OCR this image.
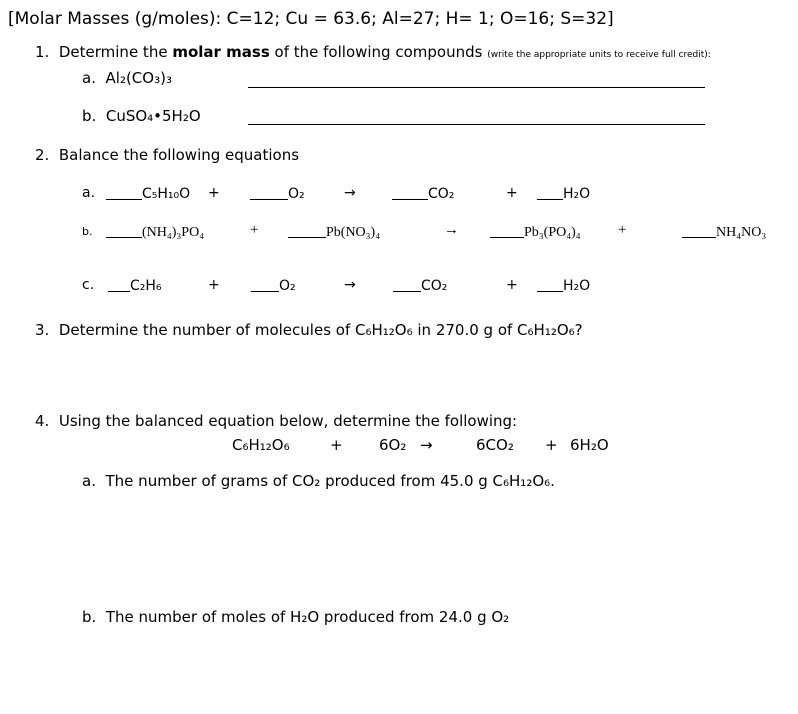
[Molar Masses (g/moles): C=12; Cu = 63.6; Al=27; H= 1; O=16; S=32]
1. Determine the molar mass of the following compounds (write the appropriate units to receive full credit):
a. Al₂(CO₃)₃
b. CuSO₄•5H₂O
2. Balance the following equations
a.	C₅H₁₀O +	O₂	→	CO₂	+	H₂O
b.	(NH₄)₃PO₄	+	Pb(NO₃)₄	→	Pb₃(PO₄)₄ +	NH₄NO₃
c.	C₂H₆	+	O₂	→	CO₂	+	H₂O
3. Determine the number of molecules of C₆H₁₂O₆ in 270.0 g of C₆H₁₂O₆?
4. Using the balanced equation below, determine the following:
C₆H₁₂O₆	+ 6O₂ →	6CO₂ + 6H₂O
a. The number of grams of CO₂ produced from 45.0 g C₆H₁₂O₆.
b. The number of moles of H₂O produced from 24.0 g O₂
